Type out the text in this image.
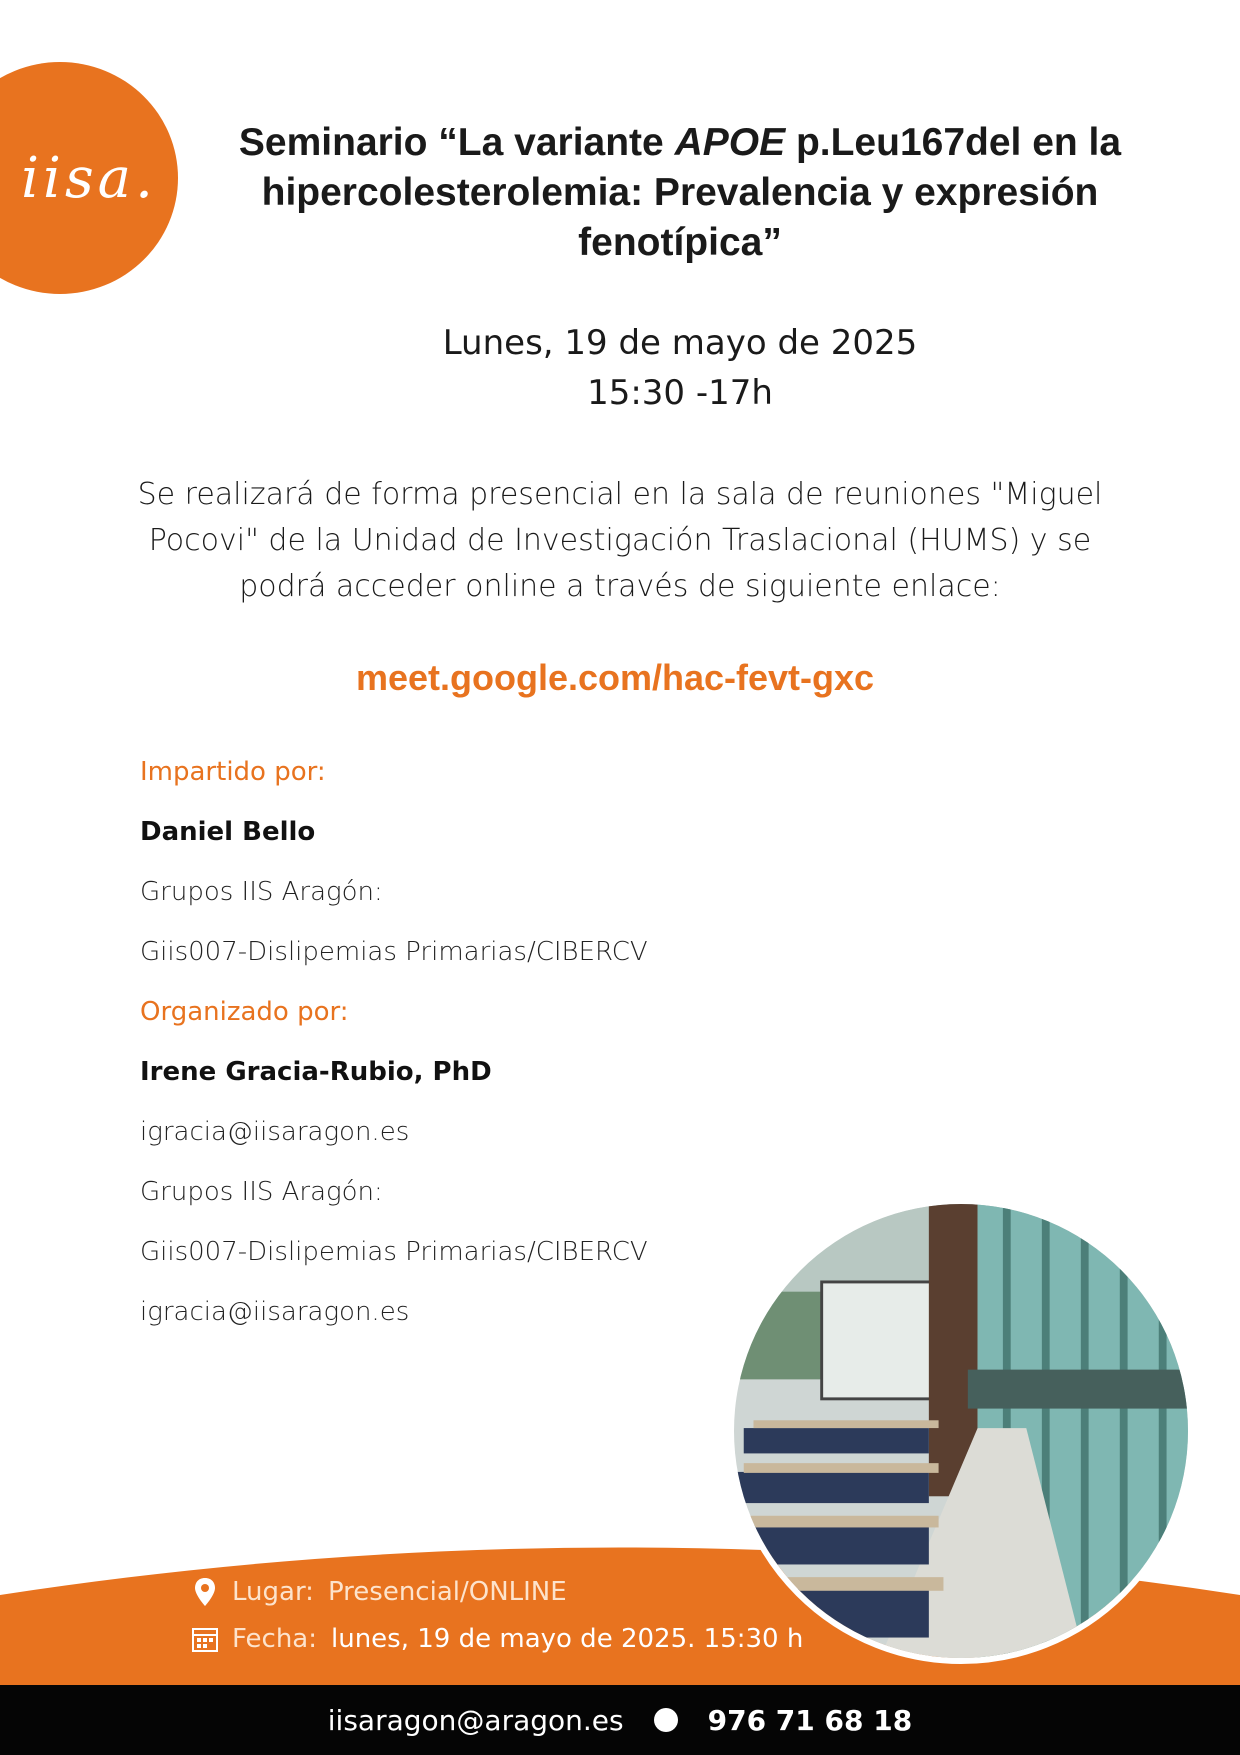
iisa.
Seminario “La variante APOE p.Leu167del en la hipercolesterolemia: Prevalencia y expresión fenotípica”
Lunes, 19 de mayo de 2025
15:30 -17h

Se realizará de forma presencial en la sala de reuniones "Miguel Pocovi" de la Unidad de Investigación Traslacional (HUMS) y se podrá acceder online a través de siguiente enlace:

meet.google.com/hac-fevt-gxc
Impartido por:
Daniel Bello
Grupos IIS Aragón:
Giis007-Dislipemias Primarias/CIBERCV
Organizado por:
Irene Gracia-Rubio, PhD
igracia@iisaragon.es
Grupos IIS Aragón:
Giis007-Dislipemias Primarias/CIBERCV
igracia@iisaragon.es
Lugar: Presencial/ONLINE
Fecha: lunes, 19 de mayo de 2025. 15:30 h
iisaragon@aragon.es	976 71 68 18
